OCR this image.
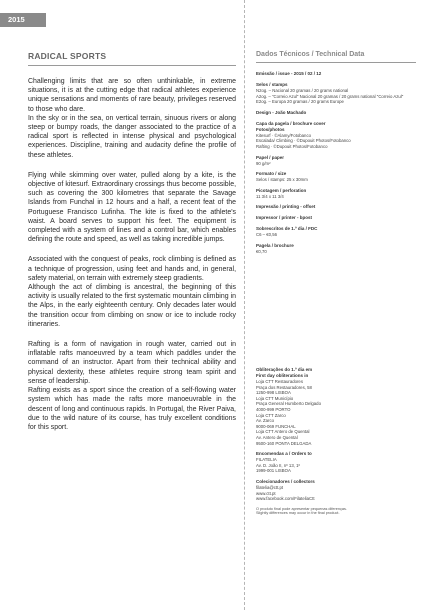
2015
RADICAL SPORTS

Challenging limits that are so often unthinkable, in extreme situations, it is at the cutting edge that radical athletes experience unique sensations and moments of rare beauty, privileges reserved to those who dare.

In the sky or in the sea, on vertical terrain, sinuous rivers or along steep or bumpy roads, the danger associated to the practice of a radical sport is reflected in intense physical and psychological experiences. Discipline, training and audacity define the profile of these athletes.

Flying while skimming over water, pulled along by a kite, is the objective of kitesurf. Extraordinary crossings thus become possible, such as covering the 300 kilometres that separate the Savage Islands from Funchal in 12 hours and a half, a recent feat of the Portuguese Francisco Lufinha. The kite is fixed to the athlete's waist. A board serves to support his feet. The equipment is completed with a system of lines and a control bar, which enables defining the route and speed, as well as taking incredible jumps.

Associated with the conquest of peaks, rock climbing is defined as a technique of progression, using feet and hands and, in general, safety material, on terrain with extremely steep gradients.

Although the act of climbing is ancestral, the beginning of this activity is usually related to the first systematic mountain climbing in the Alps, in the early eighteenth century. Only decades later would the transition occur from climbing on snow or ice to include rocky itineraries.

Rafting is a form of navigation in rough water, carried out in inflatable rafts manoeuvred by a team which paddles under the command of an instructor. Apart from their technical ability and physical dexterity, these athletes require strong team spirit and sense of leadership.

Rafting exists as a sport since the creation of a self-flowing water system which has made the rafts more manoeuvrable in the descent of long and continuous rapids. In Portugal, the River Paiva, due to the wild nature of its course, has truly excellent conditions for this sport.

Dados Técnicos / Technical Data
Emissão / issue - 2015 / 02 / 12
Selos / stamps
N2og. – Nacional 20 gramas / 20 grams national
A2og. – "Correio Azul" Nacional 20 gramas / 20 grams national "Correio Azul"
E2og. – Europa 20 gramas / 20 grams Europe
Design - João Machado
Capa da pagela / brochure cover
Fotos/photos
Kitesurf · ©Alamy/Fotobanco
Escalada/ Climbing · ©Dupouit Photos/Fotobanco
Rafting · ©Dupouit Photos/Fotobanco
Papel / paper
90 g/m²
Formato / size
Selos / stamps: 25 x 30mm
Picotagem / perforation
11 3/4 x 11 3/4
Impressão / printing - offset
Impressor / printer - bpost
Sobrescritos de 1.º dia / FDC
C6 – €0,56
Pagela / brochure
€0,70
Obliterações do 1.º dia em
First day obliterations in
Loja CTT Restauradores
Praça dos Restauradores, 58
1250-998 LISBOA
Loja CTT Município
Praça General Humberto Delgado
4000-999 PORTO
Loja CTT Zarco
Av. Zarco
9000-069 FUNCHAL
Loja CTT Antero de Quental
Av. Antero de Quental
9500-160 PONTA DELGADA
Encomendas a / Orders to
FILATELIA
Av. D. João II, nº 13, 1º
1999-001 LISBOA
Colecionadores / collectors
filatelia@ctt.pt
www.ctt.pt
www.facebook.com/FilateliaCtt
O produto final pode apresentar pequenas diferenças.
Slightly differences may occur in the final product.
